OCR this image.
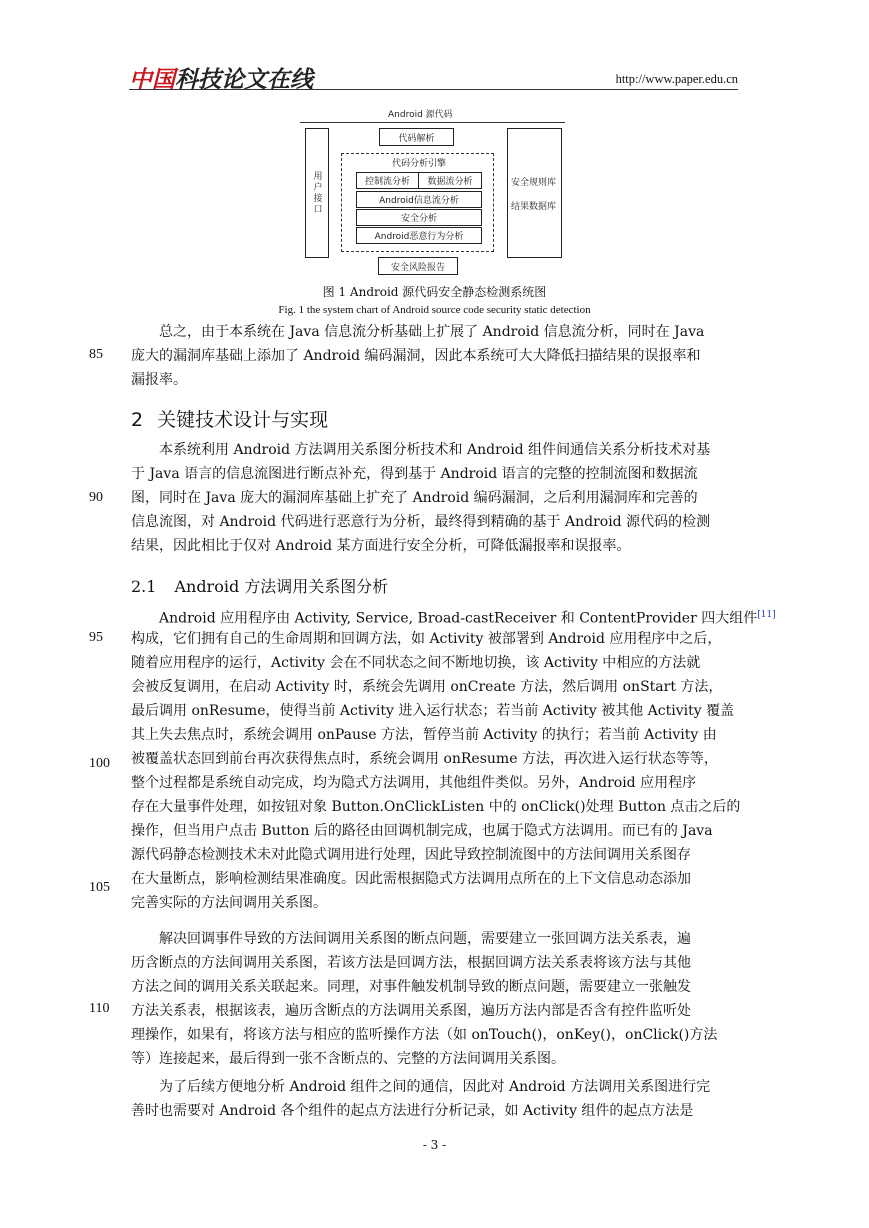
中国科技论文在线	http://www.paper.edu.cn
Android 源代码
代码解析
用户接口
代码分析引擎
控制流分析	数据流分析
Android信息流分析
安全分析
Android恶意行为分析
安全规则库
结果数据库
安全风险报告
图 1 Android 源代码安全静态检测系统图
Fig. 1 the system chart of Android source code security static detection
总之，由于本系统在 Java 信息流分析基础上扩展了 Android 信息流分析，同时在 Java
庞大的漏洞库基础上添加了 Android 编码漏洞，因此本系统可大大降低扫描结果的误报率和
漏报率。
2 关键技术设计与实现
本系统利用 Android 方法调用关系图分析技术和 Android 组件间通信关系分析技术对基
于 Java 语言的信息流图进行断点补充，得到基于 Android 语言的完整的控制流图和数据流
图，同时在 Java 庞大的漏洞库基础上扩充了 Android 编码漏洞，之后利用漏洞库和完善的
信息流图，对 Android 代码进行恶意行为分析，最终得到精确的基于 Android 源代码的检测
结果，因此相比于仅对 Android 某方面进行安全分析，可降低漏报率和误报率。
2.1 Android 方法调用关系图分析
Android 应用程序由 Activity, Service, Broad-castReceiver 和 ContentProvider 四大组件[11]
构成，它们拥有自己的生命周期和回调方法，如 Activity 被部署到 Android 应用程序中之后，
随着应用程序的运行，Activity 会在不同状态之间不断地切换，该 Activity 中相应的方法就
会被反复调用，在启动 Activity 时，系统会先调用 onCreate 方法，然后调用 onStart 方法，
最后调用 onResume，使得当前 Activity 进入运行状态；若当前 Activity 被其他 Activity 覆盖
其上失去焦点时，系统会调用 onPause 方法，暂停当前 Activity 的执行；若当前 Activity 由
被覆盖状态回到前台再次获得焦点时，系统会调用 onResume 方法，再次进入运行状态等等，
整个过程都是系统自动完成，均为隐式方法调用，其他组件类似。另外，Android 应用程序
存在大量事件处理，如按钮对象 Button.OnClickListen 中的 onClick()处理 Button 点击之后的
操作，但当用户点击 Button 后的路径由回调机制完成，也属于隐式方法调用。而已有的 Java
源代码静态检测技术未对此隐式调用进行处理，因此导致控制流图中的方法间调用关系图存
在大量断点，影响检测结果准确度。因此需根据隐式方法调用点所在的上下文信息动态添加
完善实际的方法间调用关系图。
解决回调事件导致的方法间调用关系图的断点问题，需要建立一张回调方法关系表，遍
历含断点的方法间调用关系图，若该方法是回调方法，根据回调方法关系表将该方法与其他
方法之间的调用关系关联起来。同理，对事件触发机制导致的断点问题，需要建立一张触发
方法关系表，根据该表，遍历含断点的方法调用关系图，遍历方法内部是否含有控件监听处
理操作，如果有，将该方法与相应的监听操作方法（如 onTouch()，onKey()，onClick()方法
等）连接起来，最后得到一张不含断点的、完整的方法间调用关系图。
为了后续方便地分析 Android 组件之间的通信，因此对 Android 方法调用关系图进行完
善时也需要对 Android 各个组件的起点方法进行分析记录，如 Activity 组件的起点方法是
85
90
95
100
105
110
- 3 -
